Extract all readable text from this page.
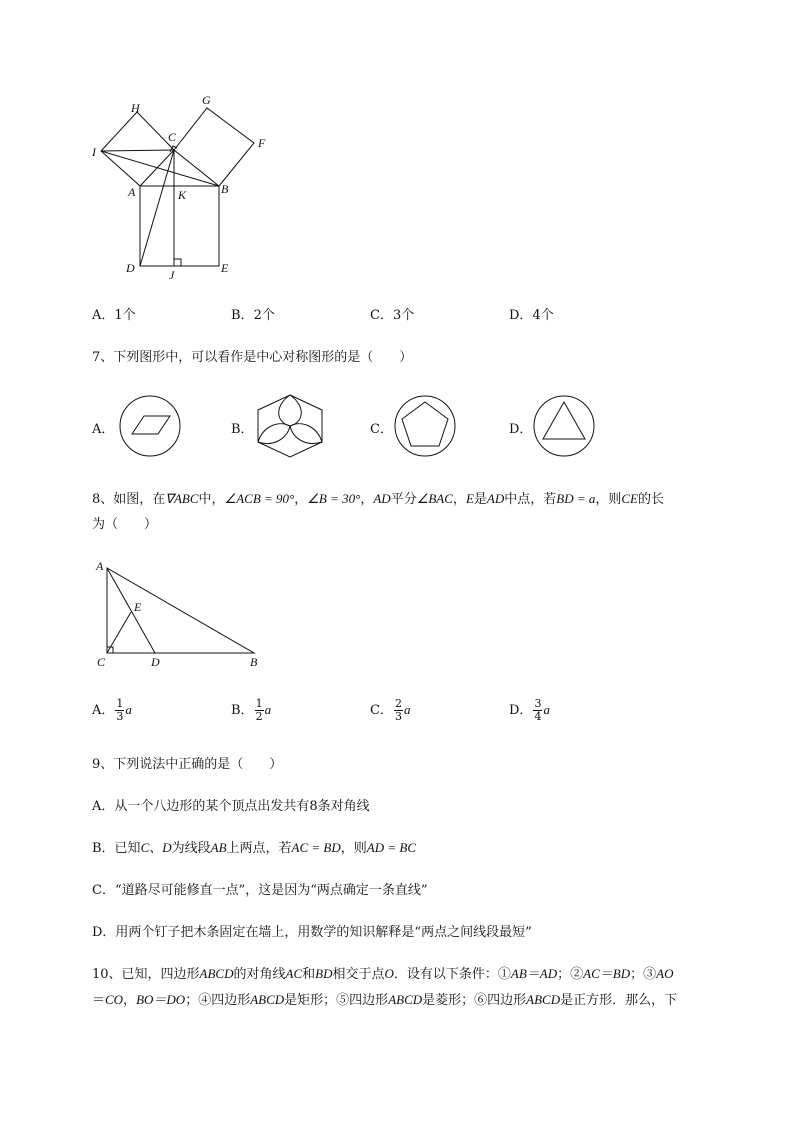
H
G
C	F
I
A	K	B
D	J	E
A．1个	B．2个	C．3个	D．4个
7、下列图形中，可以看作是中心对称图形的是（　　）
A．	B．	C．	D．
8、如图，在∇ABC中，∠ACB = 90°，∠B = 30°，AD平分∠BAC，E是AD中点，若BD = a，则CE的长
为（　　）
A
E
C	D	B
A． $\frac{1}{3}$ a	B． $\frac{1}{2}$ a	C． $\frac{2}{3}$ a	D． $\frac{3}{4}$ a
9、下列说法中正确的是（　　）
A．从一个八边形的某个顶点出发共有8条对角线
B．已知C、D为线段AB上两点，若AC = BD，则AD = BC
C．“道路尽可能修直一点”，这是因为“两点确定一条直线”
D．用两个钉子把木条固定在墙上，用数学的知识解释是“两点之间线段最短”
10、已知，四边形ABCD的对角线AC和BD相交于点O．设有以下条件：①AB＝AD；②AC＝BD；③AO
＝CO，BO＝DO；④四边形ABCD是矩形；⑤四边形ABCD是菱形；⑥四边形ABCD是正方形．那么，下
